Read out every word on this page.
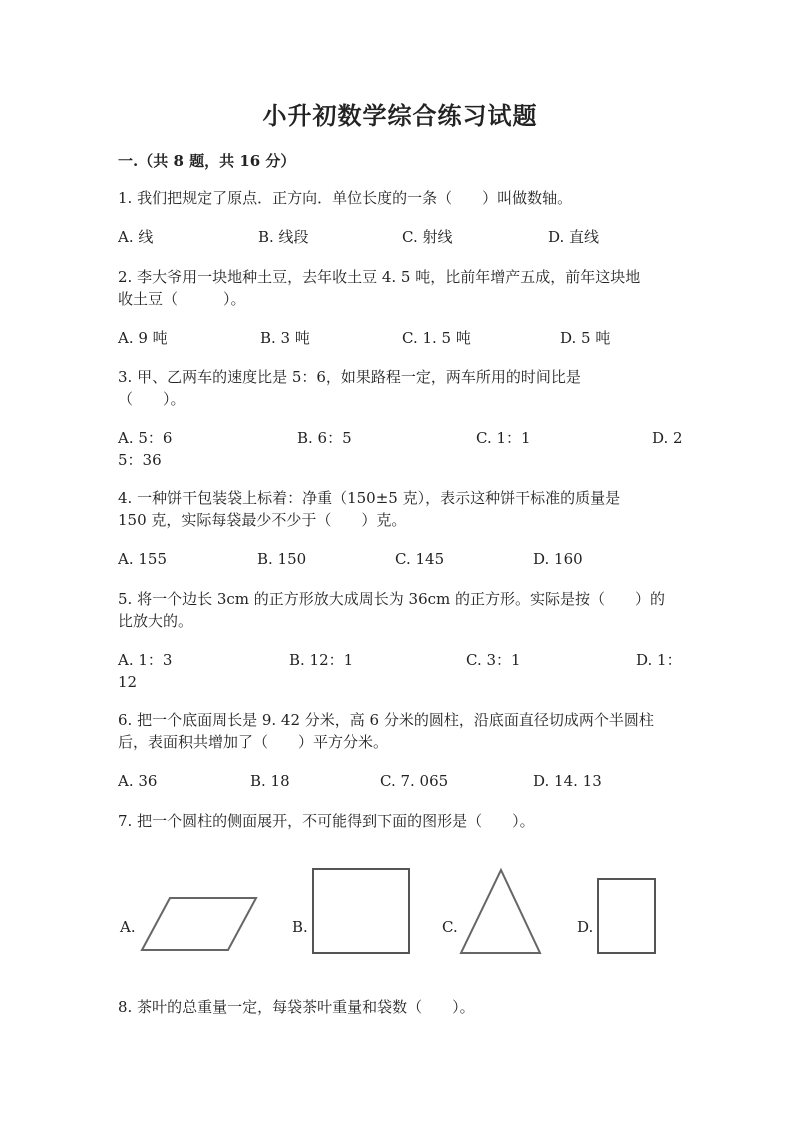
小升初数学综合练习试题
一.（共 8 题，共 16 分）
1. 我们把规定了原点．正方向．单位长度的一条（　　）叫做数轴。
A. 线	B. 线段	C. 射线	D. 直线
2. 李大爷用一块地种土豆，去年收土豆 4. 5 吨，比前年增产五成，前年这块地
收土豆（　　　）。
A. 9 吨	B. 3 吨	C. 1. 5 吨	D. 5 吨
3. 甲、乙两车的速度比是 5：6，如果路程一定，两车所用的时间比是
（　　）。
A. 5：6	B. 6：5	C. 1：1	D. 2
5：36
4. 一种饼干包装袋上标着：净重（150±5 克），表示这种饼干标准的质量是
150 克，实际每袋最少不少于（　　）克。
A. 155	B. 150	C. 145	D. 160
5. 将一个边长 3cm 的正方形放大成周长为 36cm 的正方形。实际是按（　　）的
比放大的。
A. 1：3	B. 12：1	C. 3：1	D. 1：
12
6. 把一个底面周长是 9. 42 分米，高 6 分米的圆柱，沿底面直径切成两个半圆柱
后，表面积共增加了（　　）平方分米。
A. 36	B. 18	C. 7. 065	D. 14. 13
7. 把一个圆柱的侧面展开，不可能得到下面的图形是（　　）。
A.	B.	C.	D.
8. 茶叶的总重量一定，每袋茶叶重量和袋数（　　）。
